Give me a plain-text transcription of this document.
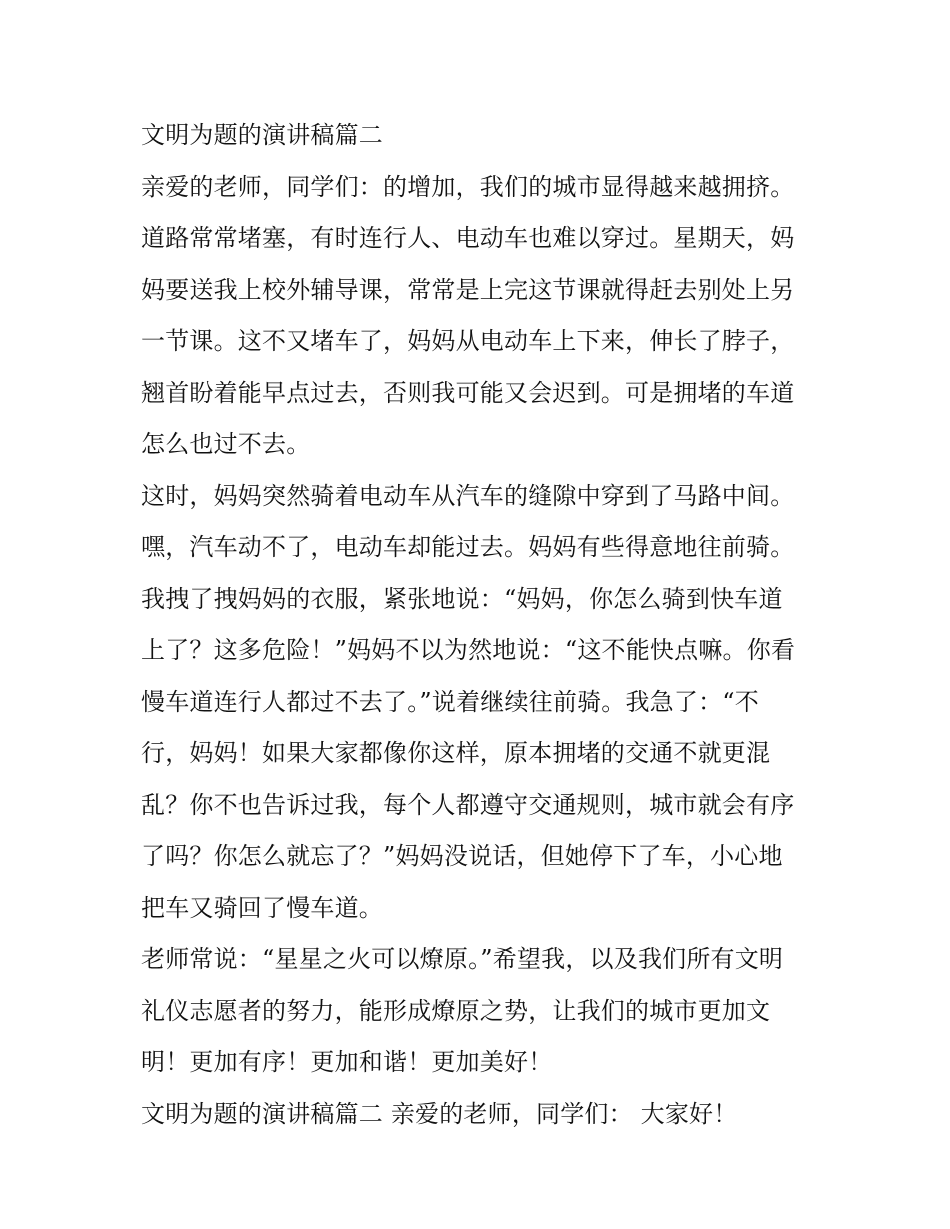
文明为题的演讲稿篇二
亲爱的老师，同学们：的增加，我们的城市显得越来越拥挤。
道路常常堵塞，有时连行人、电动车也难以穿过。星期天，妈
妈要送我上校外辅导课，常常是上完这节课就得赶去别处上另
一节课。这不又堵车了，妈妈从电动车上下来，伸长了脖子，
翘首盼着能早点过去，否则我可能又会迟到。可是拥堵的车道
怎么也过不去。
这时，妈妈突然骑着电动车从汽车的缝隙中穿到了马路中间。
嘿，汽车动不了，电动车却能过去。妈妈有些得意地往前骑。
我拽了拽妈妈的衣服，紧张地说：“妈妈，你怎么骑到快车道
上了？这多危险！”妈妈不以为然地说：“这不能快点嘛。你看
慢车道连行人都过不去了。”说着继续往前骑。我急了：“不
行，妈妈！如果大家都像你这样，原本拥堵的交通不就更混
乱？你不也告诉过我，每个人都遵守交通规则，城市就会有序
了吗？你怎么就忘了？”妈妈没说话，但她停下了车，小心地
把车又骑回了慢车道。
老师常说：“星星之火可以燎原。”希望我，以及我们所有文明
礼仪志愿者的努力，能形成燎原之势，让我们的城市更加文
明！更加有序！更加和谐！更加美好！
文明为题的演讲稿篇二 亲爱的老师，同学们： 大家好！
